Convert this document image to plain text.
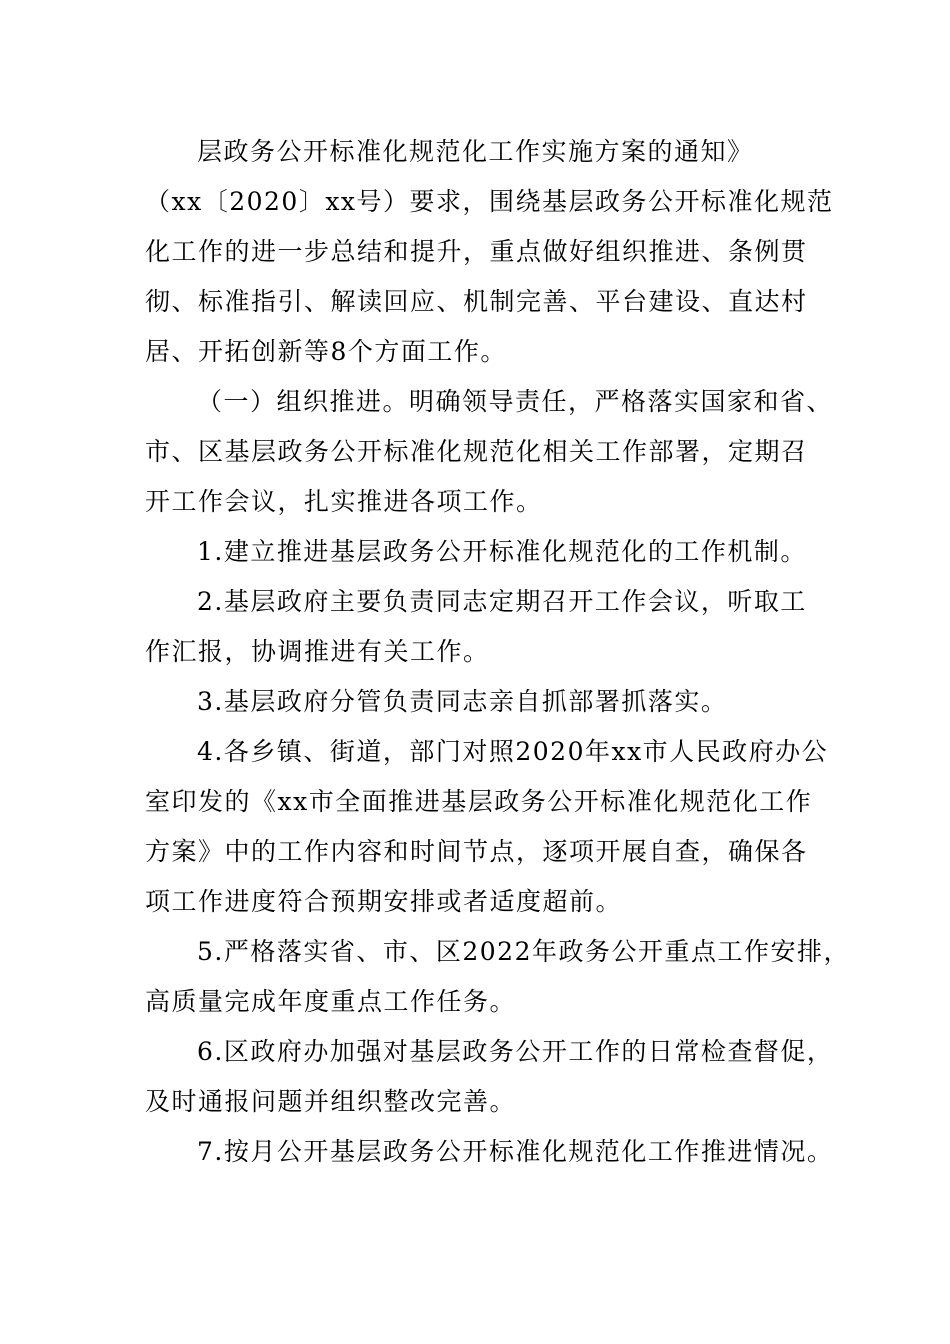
层政务公开标准化规范化工作实施方案的通知》
（xx〔2020〕xx号）要求，围绕基层政务公开标准化规范
化工作的进一步总结和提升，重点做好组织推进、条例贯
彻、标准指引、解读回应、机制完善、平台建设、直达村
居、开拓创新等8个方面工作。
（一）组织推进。明确领导责任，严格落实国家和省、
市、区基层政务公开标准化规范化相关工作部署，定期召
开工作会议，扎实推进各项工作。
1.建立推进基层政务公开标准化规范化的工作机制。
2.基层政府主要负责同志定期召开工作会议，听取工
作汇报，协调推进有关工作。
3.基层政府分管负责同志亲自抓部署抓落实。
4.各乡镇、街道，部门对照2020年xx市人民政府办公
室印发的《xx市全面推进基层政务公开标准化规范化工作
方案》中的工作内容和时间节点，逐项开展自查，确保各
项工作进度符合预期安排或者适度超前。
5.严格落实省、市、区2022年政务公开重点工作安排，
高质量完成年度重点工作任务。
6.区政府办加强对基层政务公开工作的日常检查督促，
及时通报问题并组织整改完善。
7.按月公开基层政务公开标准化规范化工作推进情况。
